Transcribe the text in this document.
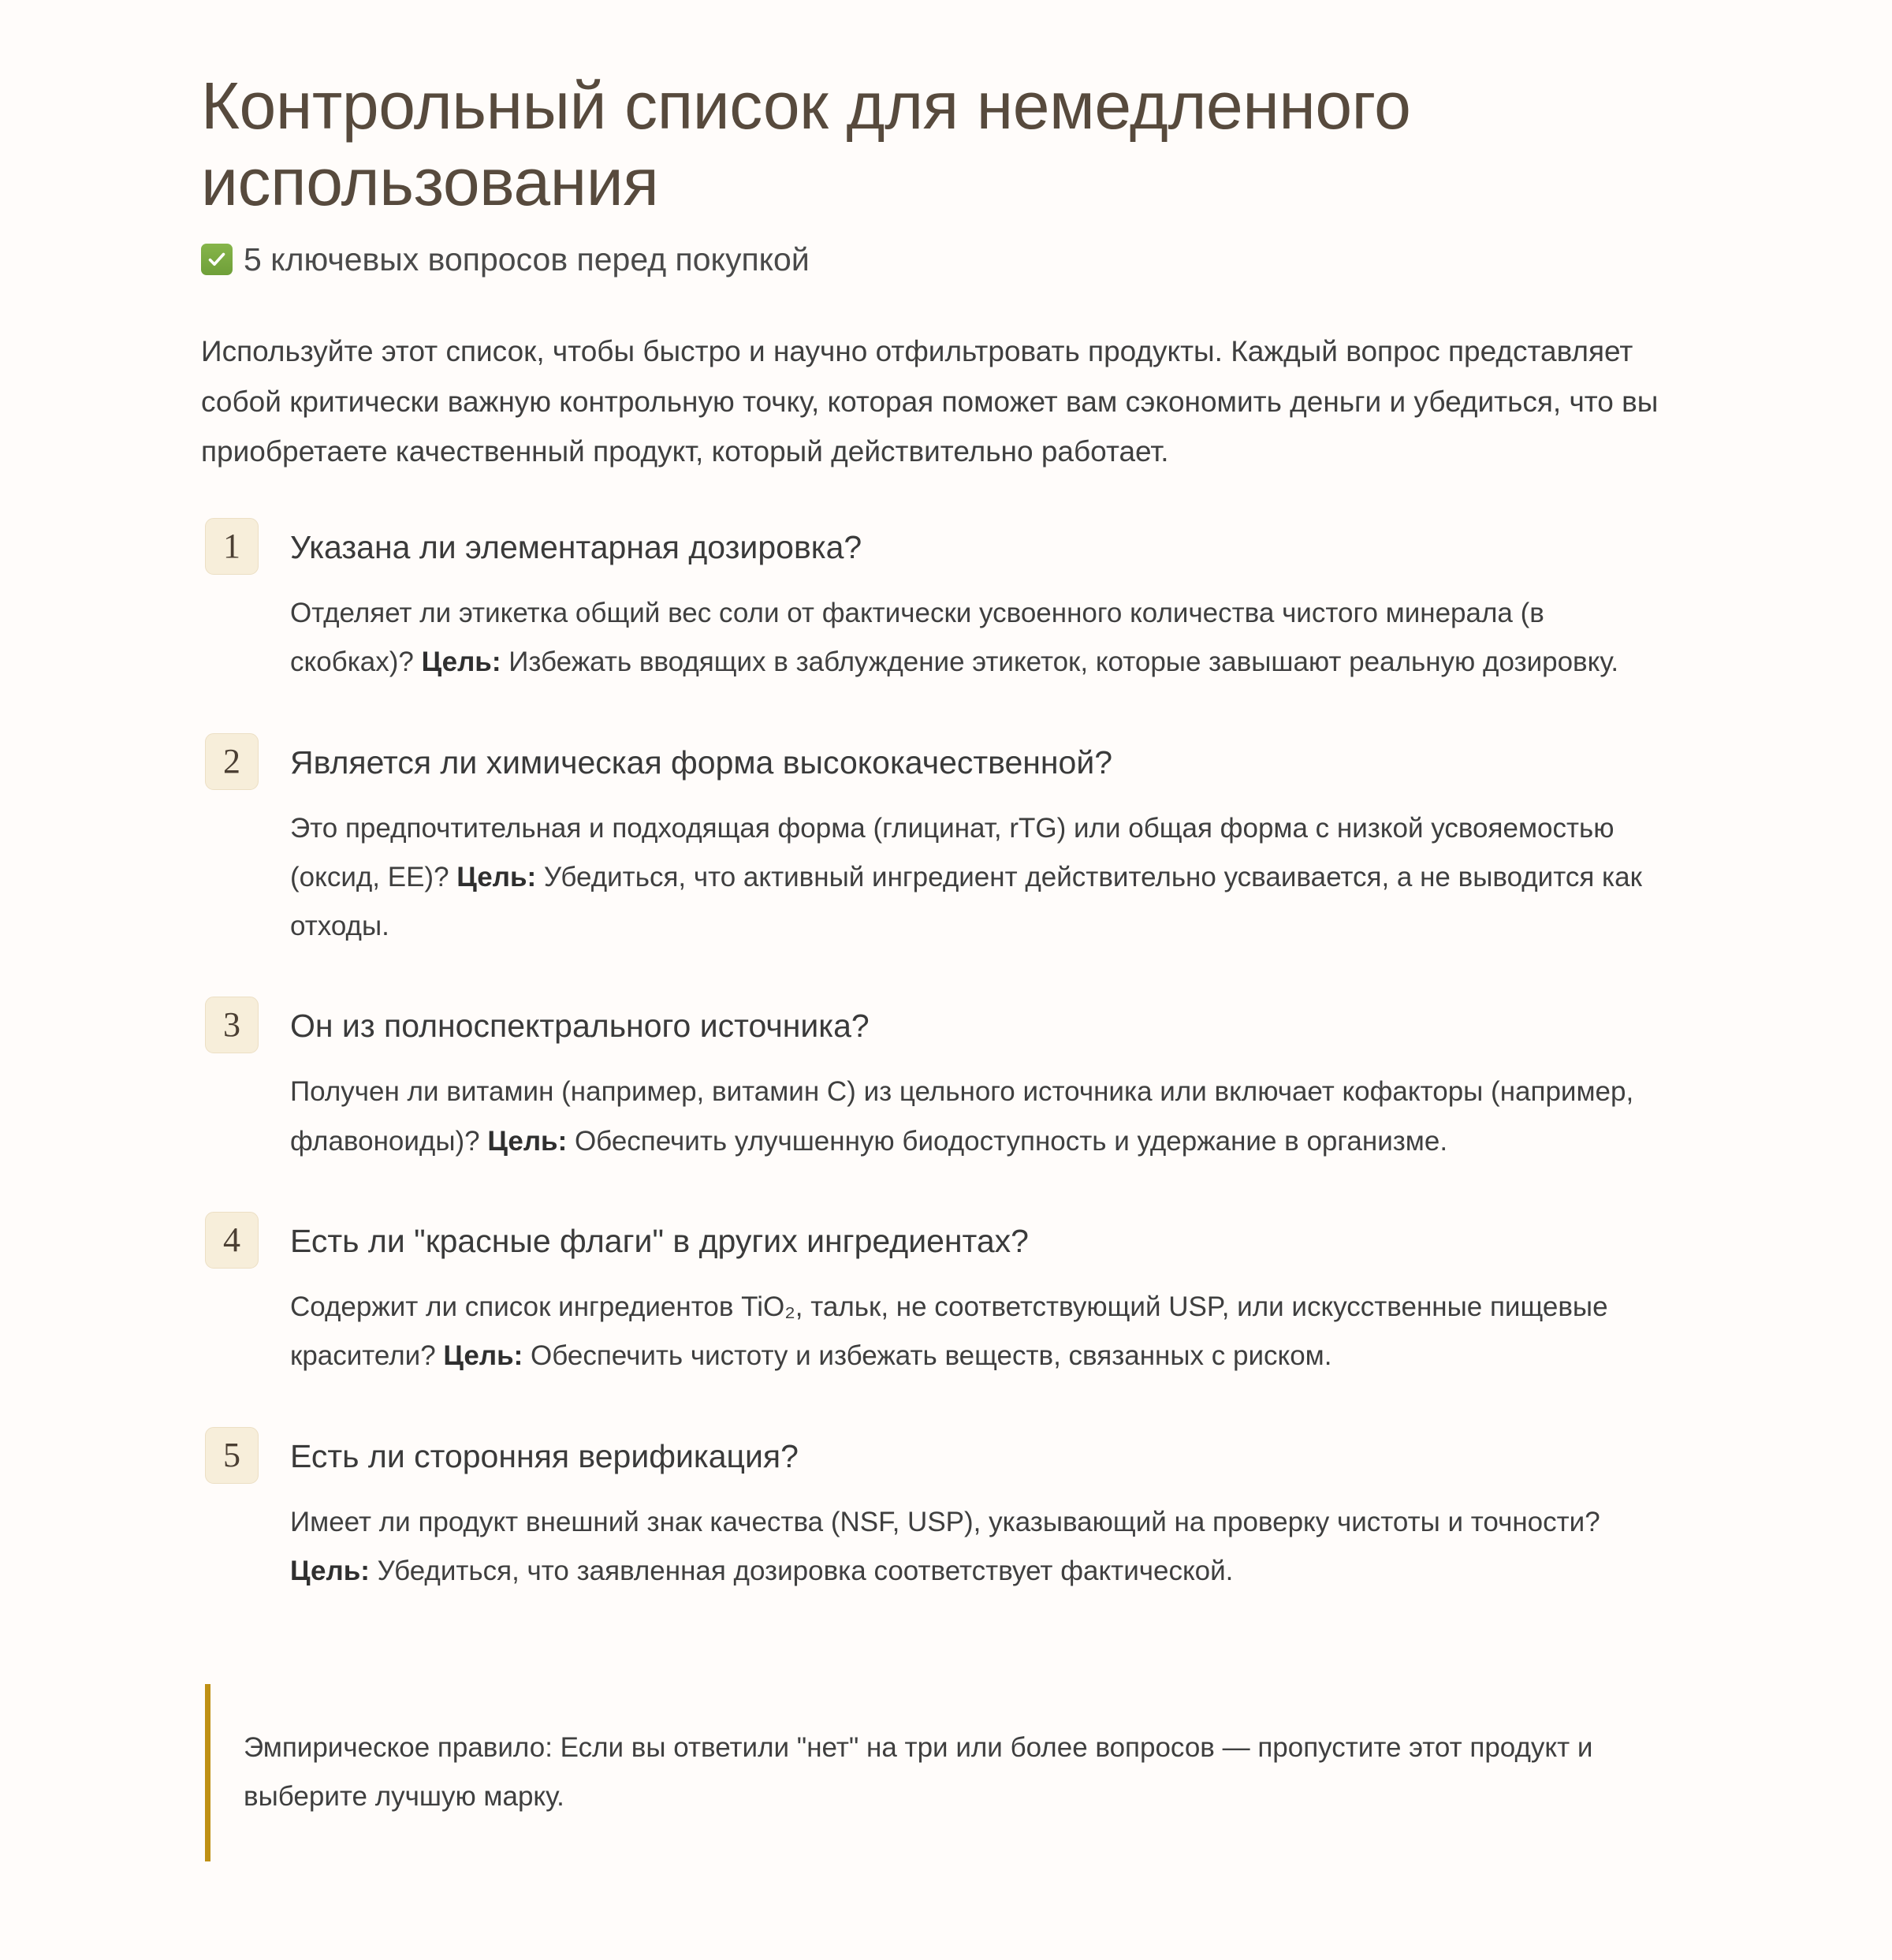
Контрольный список для немедленного использования
5 ключевых вопросов перед покупкой

Используйте этот список, чтобы быстро и научно отфильтровать продукты. Каждый вопрос представляет собой критически важную контрольную точку, которая поможет вам сэкономить деньги и убедиться, что вы приобретаете качественный продукт, который действительно работает.

1	Указана ли элементарная дозировка?

Отделяет ли этикетка общий вес соли от фактически усвоенного количества чистого минерала (в скобках)? Цель: Избежать вводящих в заблуждение этикеток, которые завышают реальную дозировку.

2	Является ли химическая форма высококачественной?

Это предпочтительная и подходящая форма (глицинат, rTG) или общая форма с низкой усвояемостью (оксид, EE)? Цель: Убедиться, что активный ингредиент действительно усваивается, а не выводится как отходы.

3	Он из полноспектрального источника?

Получен ли витамин (например, витамин C) из цельного источника или включает кофакторы (например, флавоноиды)? Цель: Обеспечить улучшенную биодоступность и удержание в организме.

4	Есть ли "красные флаги" в других ингредиентах?

Содержит ли список ингредиентов TiO₂, тальк, не соответствующий USP, или искусственные пищевые красители? Цель: Обеспечить чистоту и избежать веществ, связанных с риском.

5	Есть ли сторонняя верификация?

Имеет ли продукт внешний знак качества (NSF, USP), указывающий на проверку чистоты и точности? Цель: Убедиться, что заявленная дозировка соответствует фактической.

Эмпирическое правило: Если вы ответили "нет" на три или более вопросов — пропустите этот продукт и выберите лучшую марку.
